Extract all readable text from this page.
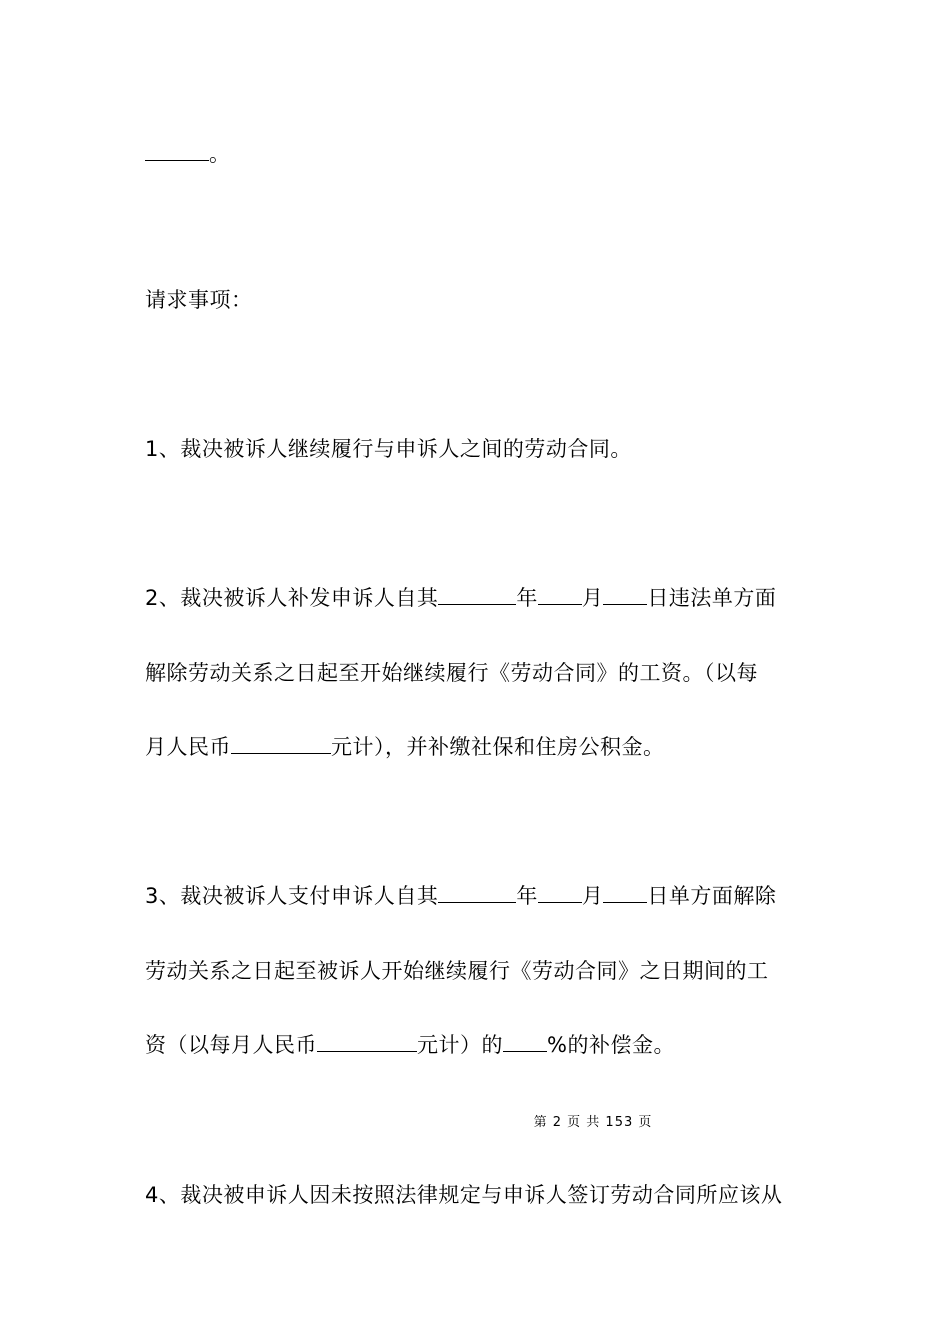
。
请求事项：
1、裁决被诉人继续履行与申诉人之间的劳动合同。
2、裁决被诉人补发申诉人自其	年 月 日违法单方面
解除劳动关系之日起至开始继续履行《劳动合同》的工资。（以每
月人民币	元计），并补缴社保和住房公积金。
3、裁决被诉人支付申诉人自其	年 月 日单方面解除
劳动关系之日起至被诉人开始继续履行《劳动合同》之日期间的工
资（以每月人民币	元计）的 %的补偿金。
第 2 页 共 153 页
4、裁决被申诉人因未按照法律规定与申诉人签订劳动合同所应该从
